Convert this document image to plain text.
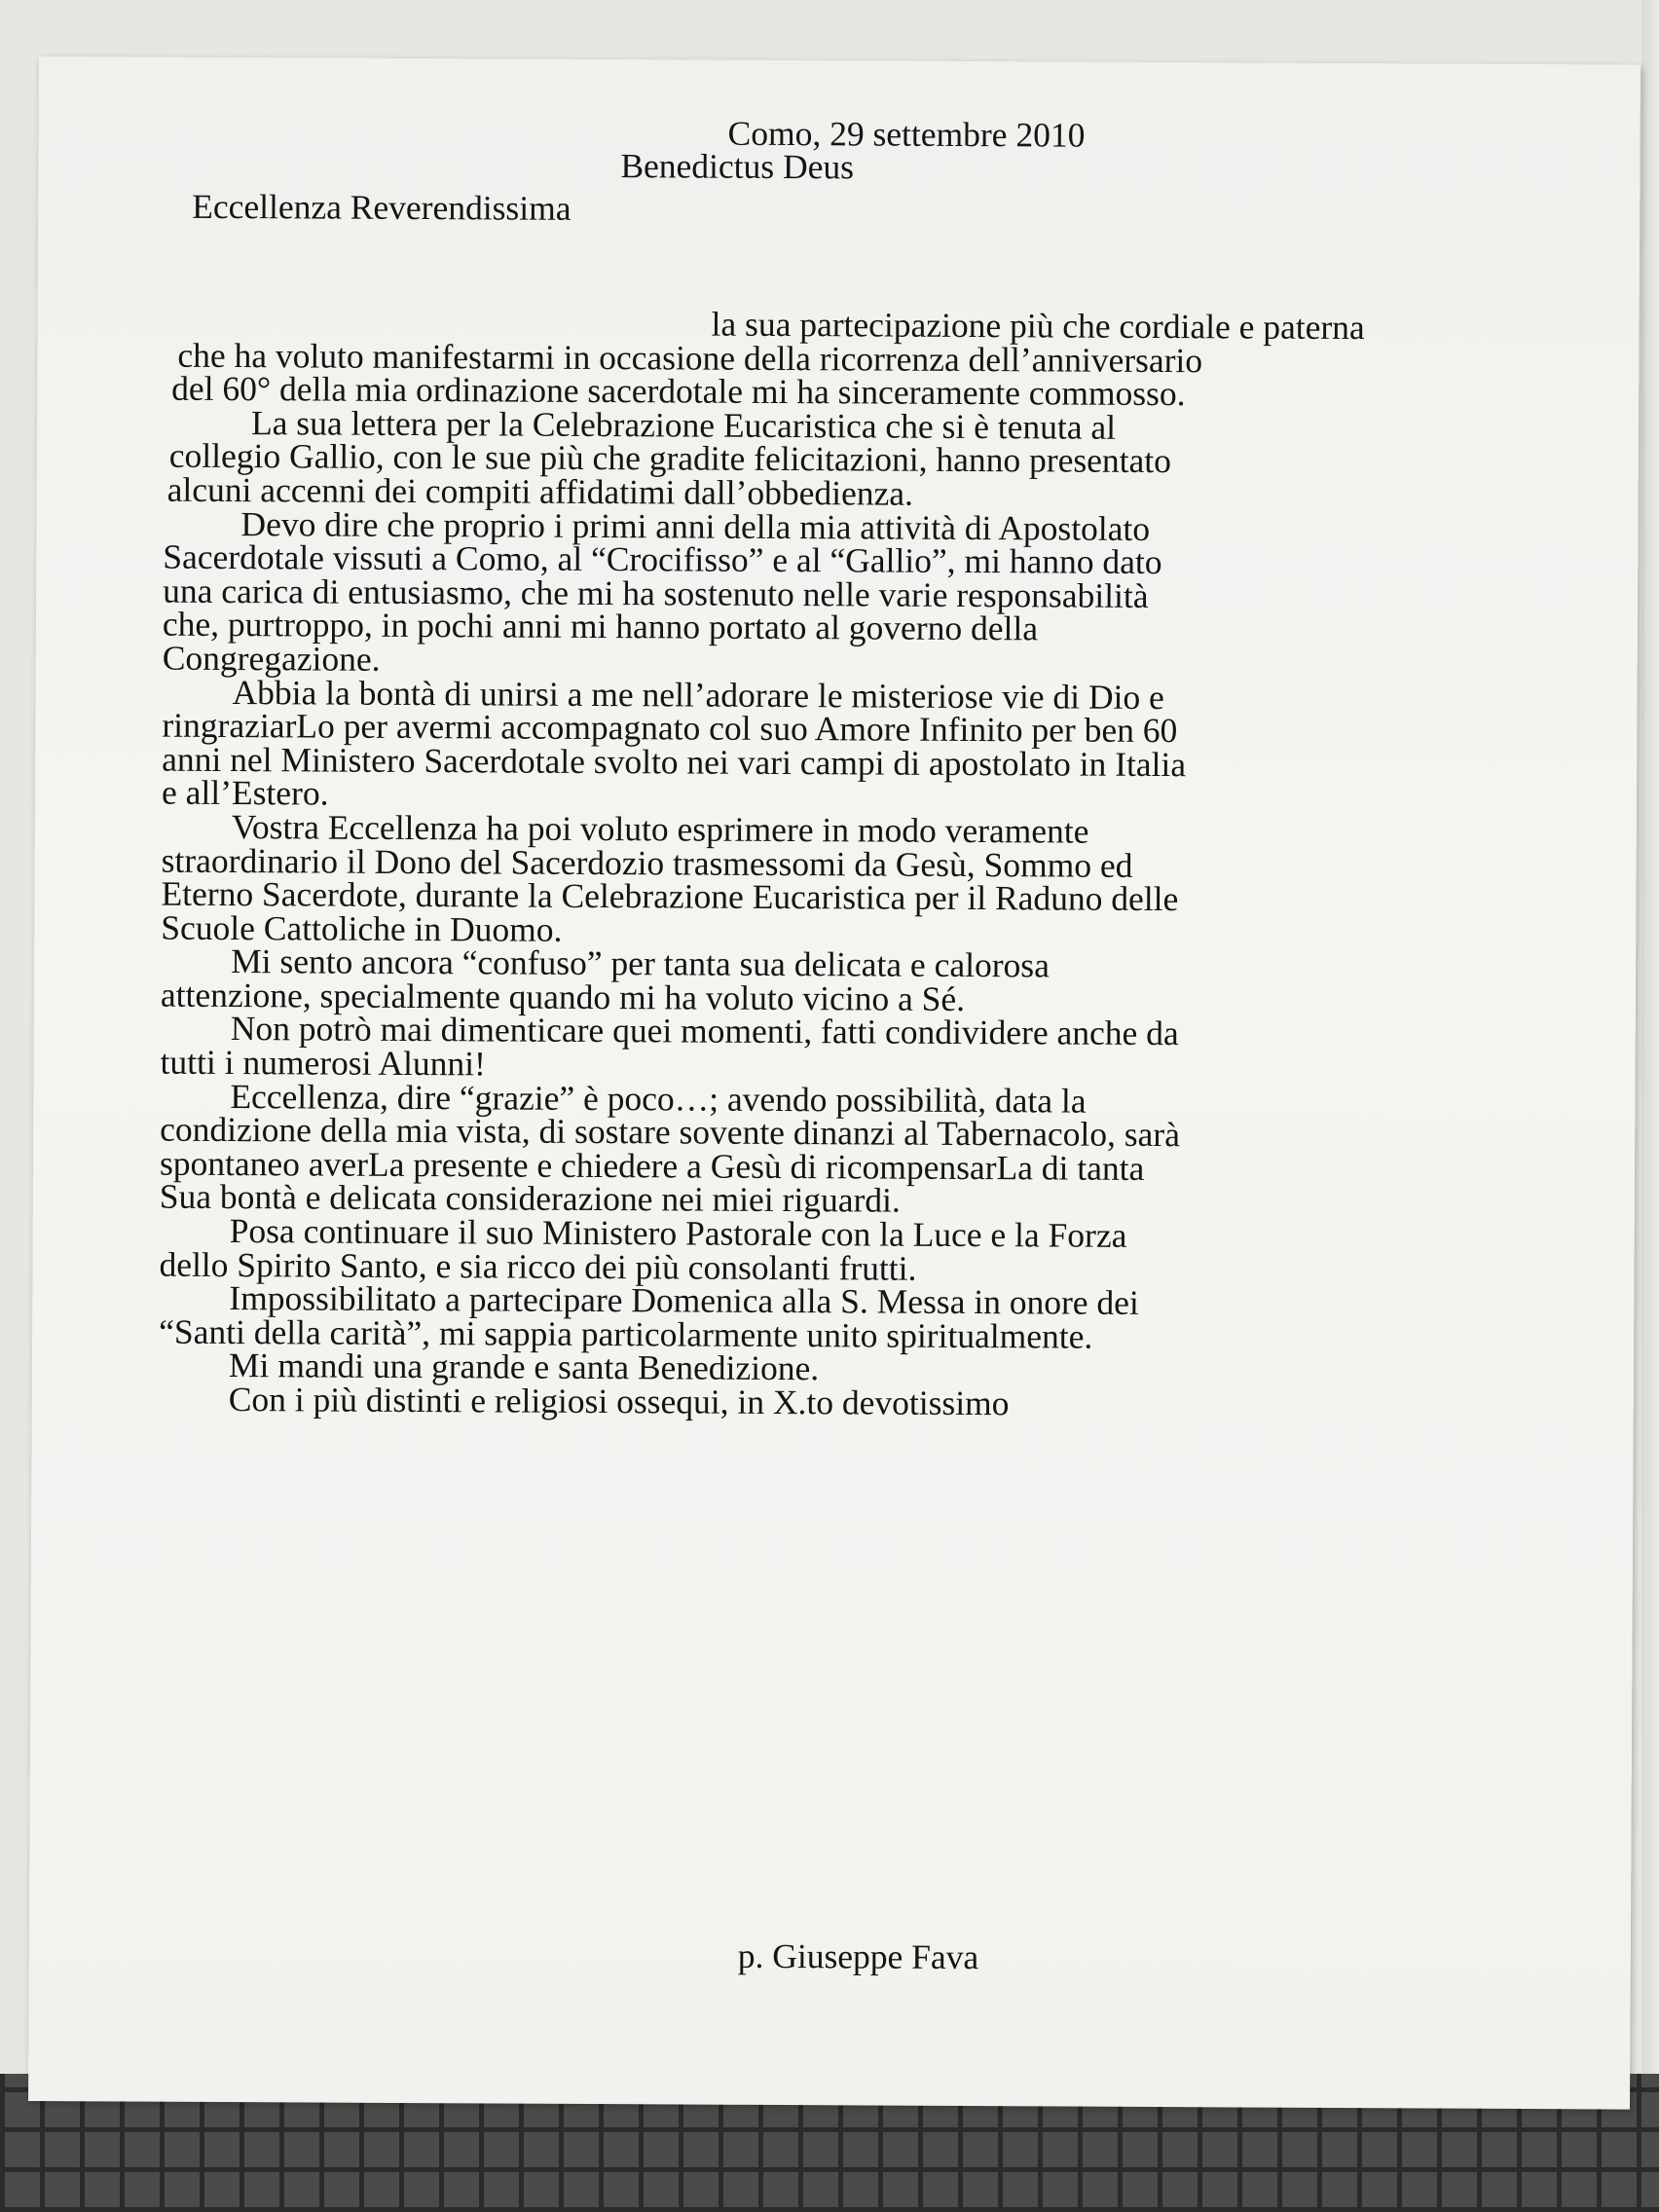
Como, 29 settembre 2010
Benedictus Deus
Eccellenza Reverendissima
la sua partecipazione più che cordiale e paterna
che ha voluto manifestarmi in occasione della ricorrenza dell’anniversario
del 60° della mia ordinazione sacerdotale mi ha sinceramente commosso.
La sua lettera per la Celebrazione Eucaristica che si è tenuta al
collegio Gallio, con le sue più che gradite felicitazioni, hanno presentato
alcuni accenni dei compiti affidatimi dall’obbedienza.
Devo dire che proprio i primi anni della mia attività di Apostolato
Sacerdotale vissuti a Como, al “Crocifisso” e al “Gallio”, mi hanno dato
una carica di entusiasmo, che mi ha sostenuto nelle varie responsabilità
che, purtroppo, in pochi anni mi hanno portato al governo della
Congregazione.
Abbia la bontà di unirsi a me nell’adorare le misteriose vie di Dio e
ringraziarLo per avermi accompagnato col suo Amore Infinito per ben 60
anni nel Ministero Sacerdotale svolto nei vari campi di apostolato in Italia
e all’Estero.
Vostra Eccellenza ha poi voluto esprimere in modo veramente
straordinario il Dono del Sacerdozio trasmessomi da Gesù, Sommo ed
Eterno Sacerdote, durante la Celebrazione Eucaristica per il Raduno delle
Scuole Cattoliche in Duomo.
Mi sento ancora “confuso” per tanta sua delicata e calorosa
attenzione, specialmente quando mi ha voluto vicino a Sé.
Non potrò mai dimenticare quei momenti, fatti condividere anche da
tutti i numerosi Alunni!
Eccellenza, dire “grazie” è poco…; avendo possibilità, data la
condizione della mia vista, di sostare sovente dinanzi al Tabernacolo, sarà
spontaneo averLa presente e chiedere a Gesù di ricompensarLa di tanta
Sua bontà e delicata considerazione nei miei riguardi.
Posa continuare il suo Ministero Pastorale con la Luce e la Forza
dello Spirito Santo, e sia ricco dei più consolanti frutti.
Impossibilitato a partecipare Domenica alla S. Messa in onore dei
“Santi della carità”, mi sappia particolarmente unito spiritualmente.
Mi mandi una grande e santa Benedizione.
Con i più distinti e religiosi ossequi, in X.to devotissimo
p. Giuseppe Fava
